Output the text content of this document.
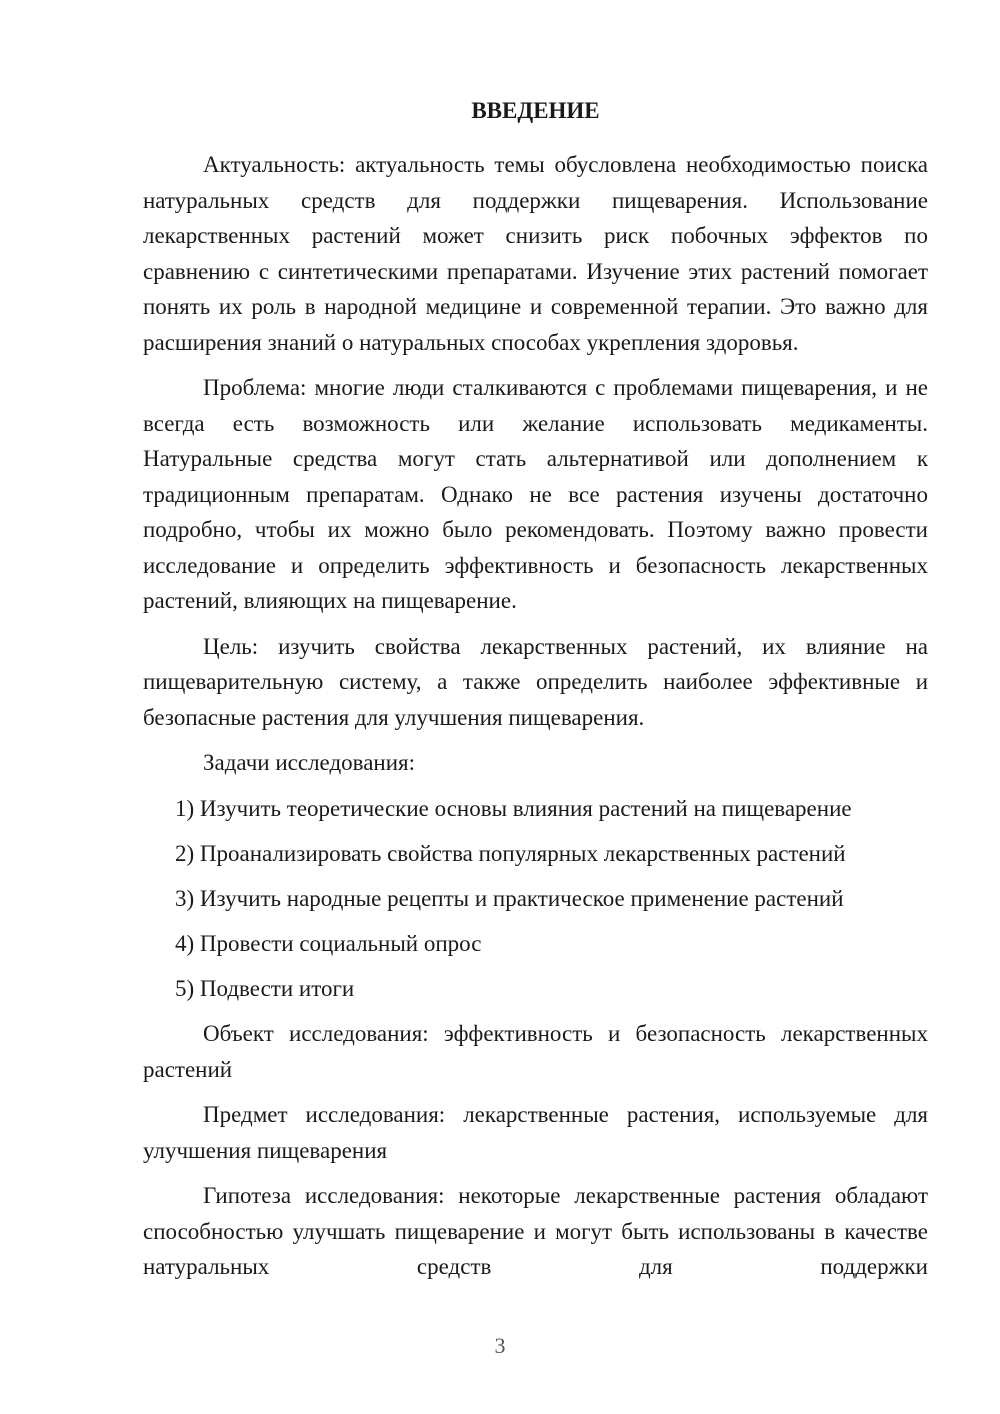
ВВЕДЕНИЕ

Актуальность: актуальность темы обусловлена необходимостью поиска натуральных средств для поддержки пищеварения. Использование лекарственных растений может снизить риск побочных эффектов по сравнению с синтетическими препаратами. Изучение этих растений помогает понять их роль в народной медицине и современной терапии. Это важно для расширения знаний о натуральных способах укрепления здоровья.

Проблема: многие люди сталкиваются с проблемами пищеварения, и не всегда есть возможность или желание использовать медикаменты. Натуральные средства могут стать альтернативой или дополнением к традиционным препаратам. Однако не все растения изучены достаточно подробно, чтобы их можно было рекомендовать. Поэтому важно провести исследование и определить эффективность и безопасность лекарственных растений, влияющих на пищеварение.

Цель: изучить свойства лекарственных растений, их влияние на пищеварительную систему, а также определить наиболее эффективные и безопасные растения для улучшения пищеварения.

Задачи исследования:

1) Изучить теоретические основы влияния растений на пищеварение
2) Проанализировать свойства популярных лекарственных растений
3) Изучить народные рецепты и практическое применение растений
4) Провести социальный опрос
5) Подвести итоги

Объект исследования: эффективность и безопасность лекарственных растений

Предмет исследования: лекарственные растения, используемые для улучшения пищеварения

Гипотеза исследования: некоторые лекарственные растения обладают способностью улучшать пищеварение и могут быть использованы в качестве натуральных средств для поддержки

3
